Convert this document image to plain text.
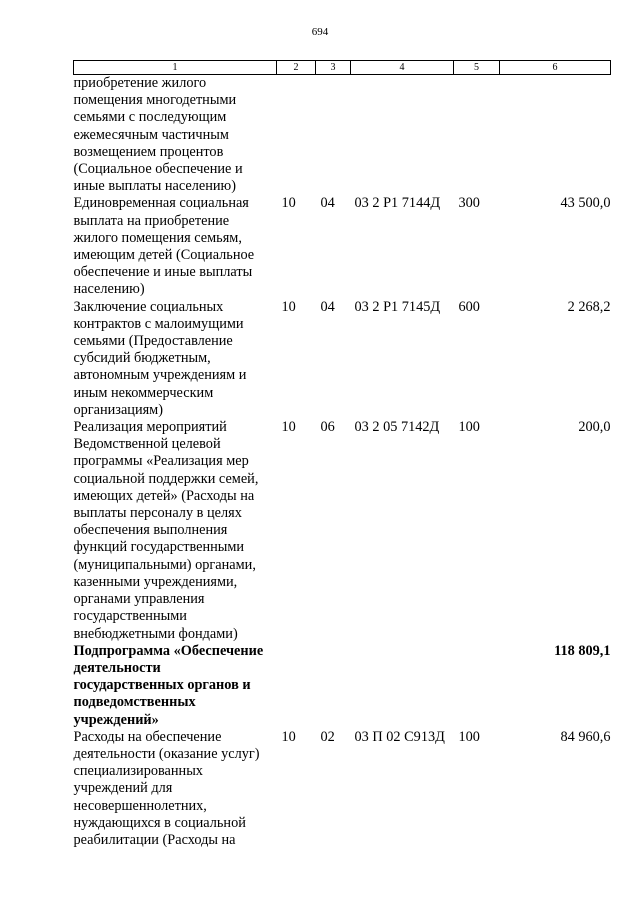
694
1	2	3	4	5	6
приобретение жилого помещения многодетными семьями с последующим ежемесячным частичным возмещением процентов (Социальное обеспечение и иные выплаты населению)					
Единовременная социальная выплата на приобретение жилого помещения семьям, имеющим детей (Социальное обеспечение и иные выплаты населению)	10	04	03 2 P1 7144Д	300	43 500,0
Заключение социальных контрактов с малоимущими семьями (Предоставление субсидий бюджетным, автономным учреждениям и иным некоммерческим организациям)	10	04	03 2 P1 7145Д	600	2 268,2
Реализация мероприятий Ведомственной целевой программы «Реализация мер социальной поддержки семей, имеющих детей» (Расходы на выплаты персоналу в целях обеспечения выполнения функций государственными (муниципальными) органами, казенными учреждениями, органами управления государственными внебюджетными фондами)	10	06	03 2 05 7142Д	100	200,0
Подпрограмма «Обеспечение деятельности государственных органов и подведомственных учреждений»					118 809,1
Расходы на обеспечение деятельности (оказание услуг) специализированных учреждений для несовершеннолетних, нуждающихся в социальной реабилитации (Расходы на	10	02	03 П 02 С913Д	100	84 960,6
